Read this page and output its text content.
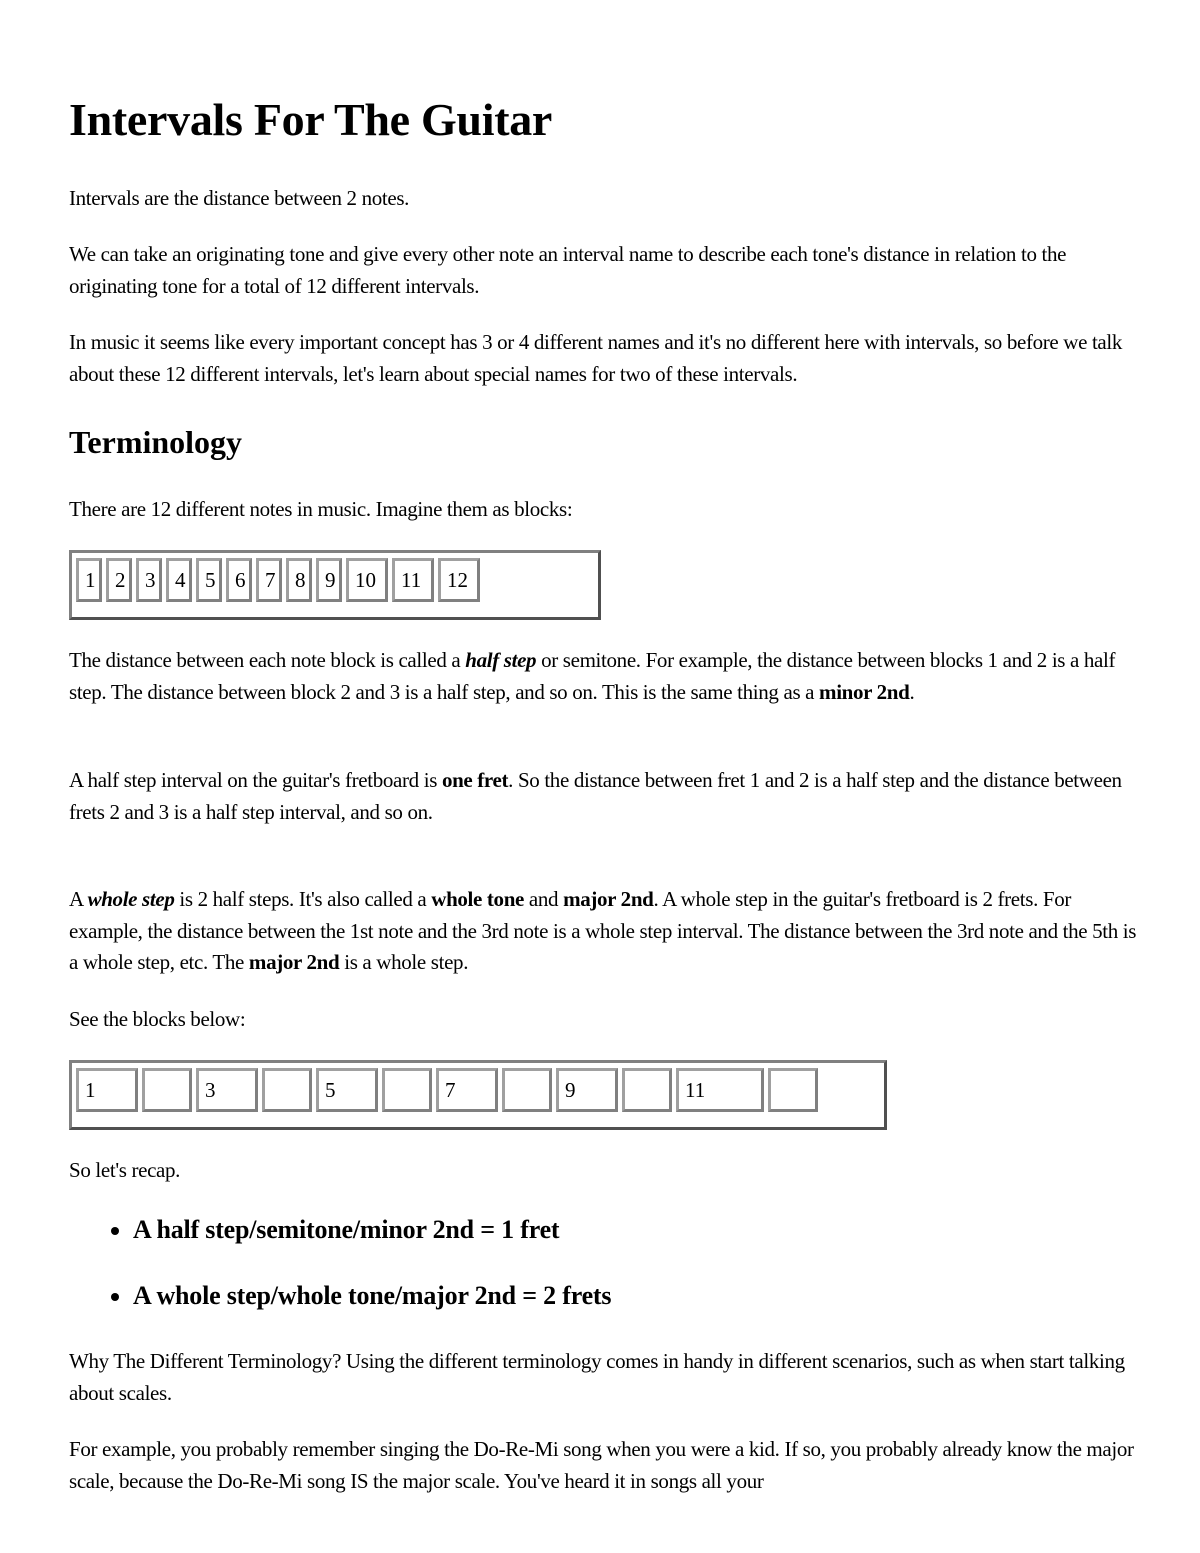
Intervals For The Guitar

Intervals are the distance between 2 notes.

We can take an originating tone and give every other note an interval name to describe each tone's distance in relation to the originating tone for a total of 12 different intervals.

In music it seems like every important concept has 3 or 4 different names and it's no different here with intervals, so before we talk about these 12 different intervals, let's learn about special names for two of these intervals.

Terminology

There are 12 different notes in music. Imagine them as blocks:

1 2 3 4 5 6 7 8 9 10	11	12

The distance between each note block is called a half step or semitone. For example, the distance between blocks 1 and 2 is a half step. The distance between block 2 and 3 is a half step, and so on. This is the same thing as a minor 2nd.

A half step interval on the guitar's fretboard is one fret. So the distance between fret 1 and 2 is a half step and the distance between
frets 2 and 3 is a half step interval, and so on.

A whole step is 2 half steps. It's also called a whole tone and major 2nd. A whole step in the guitar's fretboard is 2 frets. For example, the distance between the 1st note and the 3rd note is a whole step interval. The distance between the 3rd note and the 5th is a whole step, etc. The major 2nd is a whole step.

See the blocks below:

1	3	5	7	9	11

So let's recap.

• A half step/semitone/minor 2nd = 1 fret
• A whole step/whole tone/major 2nd = 2 frets

Why The Different Terminology? Using the different terminology comes in handy in different scenarios, such as when start talking about scales.

For example, you probably remember singing the Do-Re-Mi song when you were a kid. If so, you probably already know the major scale, because the Do-Re-Mi song IS the major scale. You've heard it in songs all your
